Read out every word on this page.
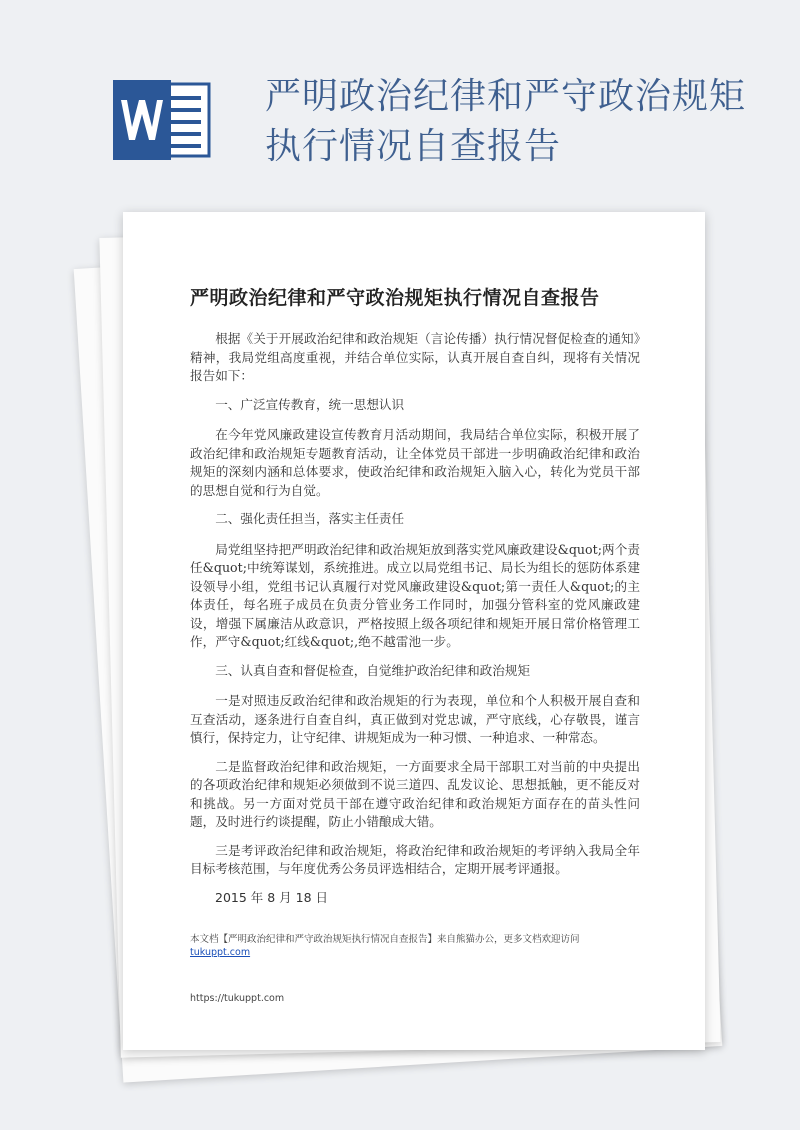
严明政治纪律和严守政治规矩
执行情况自查报告
严明政治纪律和严守政治规矩执行情况自查报告

根据《关于开展政治纪律和政治规矩（言论传播）执行情况督促检查的通知》精神，我局党组高度重视，并结合单位实际，认真开展自查自纠，现将有关情况报告如下：

一、广泛宣传教育，统一思想认识

在今年党风廉政建设宣传教育月活动期间，我局结合单位实际，积极开展了政治纪律和政治规矩专题教育活动，让全体党员干部进一步明确政治纪律和政治规矩的深刻内涵和总体要求，使政治纪律和政治规矩入脑入心，转化为党员干部的思想自觉和行为自觉。

二、强化责任担当，落实主任责任

局党组坚持把严明政治纪律和政治规矩放到落实党风廉政建设&quot;两个责任&quot;中统筹谋划，系统推进。成立以局党组书记、局长为组长的惩防体系建设领导小组，党组书记认真履行对党风廉政建设&quot;第一责任人&quot;的主体责任，每名班子成员在负责分管业务工作同时，加强分管科室的党风廉政建设，增强下属廉洁从政意识，严格按照上级各项纪律和规矩开展日常价格管理工作，严守&quot;红线&quot;,绝不越雷池一步。

三、认真自查和督促检查，自觉维护政治纪律和政治规矩

一是对照违反政治纪律和政治规矩的行为表现，单位和个人积极开展自查和互查活动，逐条进行自查自纠，真正做到对党忠诚，严守底线，心存敬畏，谨言慎行，保持定力，让守纪律、讲规矩成为一种习惯、一种追求、一种常态。

二是监督政治纪律和政治规矩，一方面要求全局干部职工对当前的中央提出的各项政治纪律和规矩必须做到不说三道四、乱发议论、思想抵触，更不能反对和挑战。另一方面对党员干部在遵守政治纪律和政治规矩方面存在的苗头性问题，及时进行约谈提醒，防止小错酿成大错。

三是考评政治纪律和政治规矩，将政治纪律和政治规矩的考评纳入我局全年目标考核范围，与年度优秀公务员评选相结合，定期开展考评通报。

2015 年 8 月 18 日

本文档【严明政治纪律和严守政治规矩执行情况自查报告】来自熊猫办公，更多文档欢迎访问
tukuppt.com
https://tukuppt.com
